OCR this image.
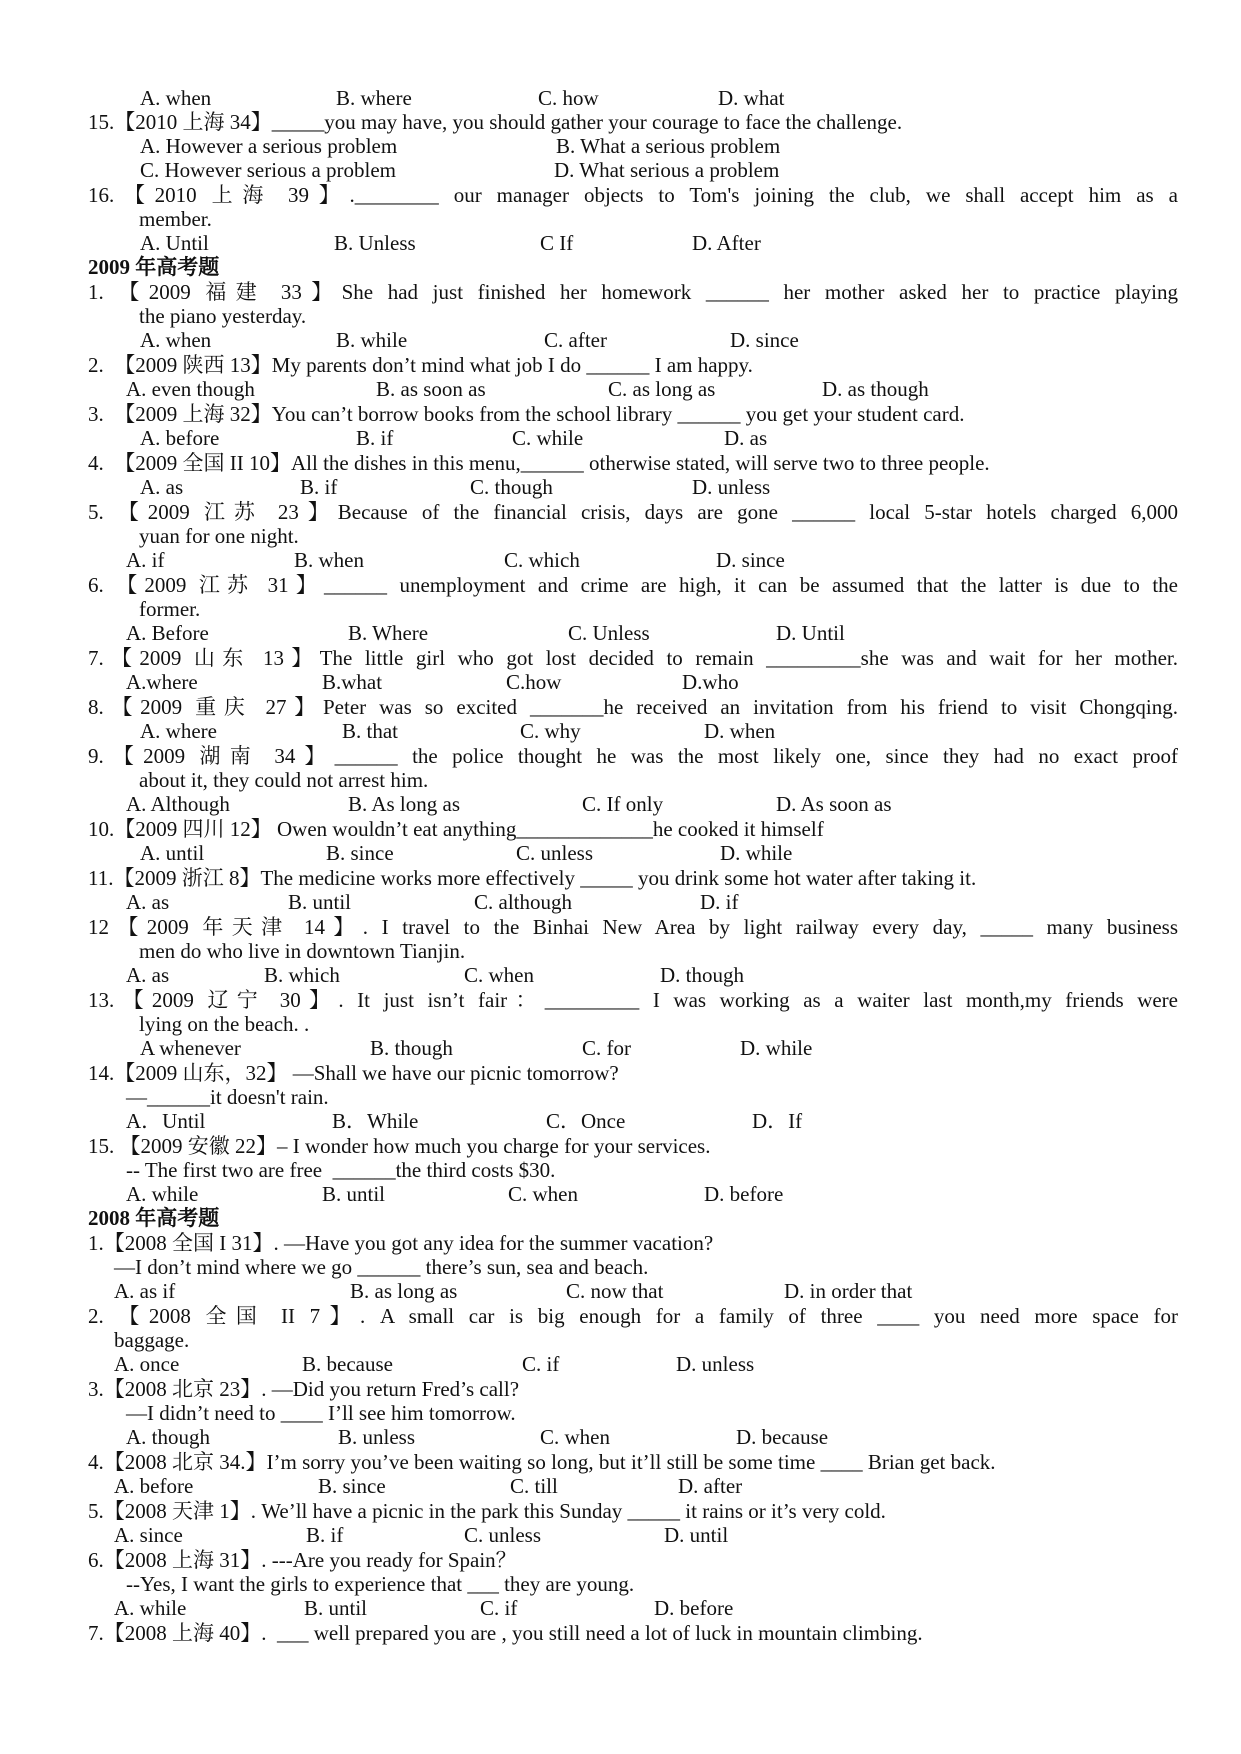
A. when	B. where	C. how	D. what
15.【2010 上海 34】_____you may have, you should gather your courage to face the challenge.
A. However a serious problem	B. What a serious problem
C. However serious a problem	D. What serious a problem
16.【2010 上海 39】.________ our manager objects to Tom's joining the club, we shall accept him as a
member.
A. Until	B. Unless	C If	D. After
2009 年高考题
1. 【2009 福建 33】She had just finished her homework ______ her mother asked her to practice playing
the piano yesterday.
A. when	B. while	C. after	D. since
2.  【2009 陕西 13】My parents don’t mind what job I do ______ I am happy.
A. even though	B. as soon as	C. as long as	D. as though
3.  【2009 上海 32】You can’t borrow books from the school library ______ you get your student card.
A. before	B. if	C. while	D. as
4.  【2009 全国 II 10】All the dishes in this menu,______ otherwise stated, will serve two to three people.
A. as	B. if	C. though	D. unless
5. 【2009 江苏 23】Because of the financial crisis, days are gone ______ local 5-star hotels charged 6,000
yuan for one night.
A. if	B. when	C. which	D. since
6. 【2009 江苏 31】______ unemployment and crime are high, it can be assumed that the latter is due to the
former.
A. Before	B. Where	C. Unless	D. Until
7.【2009 山东 13】The little girl who got lost decided to remain _________she was and wait for her mother.
A.where	B.what	C.how	D.who
8.【2009 重庆 27】Peter was so excited _______he received an invitation from his friend to visit Chongqing.
A. where	B. that	C. why	D. when
9.【2009 湖南 34】______ the police thought he was the most likely one, since they had no exact proof
about it, they could not arrest him.
A. Although	B. As long as	C. If only	D. As soon as
10.【2009 四川 12】 Owen wouldn’t eat anything_____________he cooked it himself
A. until	B. since	C. unless	D. while
11.【2009 浙江 8】The medicine works more effectively _____ you drink some hot water after taking it.
A. as	B. until	C. although	D. if
12【2009 年天津 14】. I travel to the Binhai New Area by light railway every day, _____ many business
men do who live in downtown Tianjin.
A. as	B. which	C. when	D. though
13.【2009 辽宁 30】. It just isn’t fair：_________ I was working as a waiter last month,my friends were
lying on the beach. .
A whenever	B. though	C. for	D. while
14.【2009 山东，32】 —Shall we have our picnic tomorrow?
—______it doesn't rain.
A．Until	B．While	C．Once	D．If
15. 【2009 安徽 22】– I wonder how much you charge for your services.
-- The first two are free  ______the third costs $30.
A. while	B. until	C. when	D. before
2008 年高考题
1.【2008 全国 I 31】. —Have you got any idea for the summer vacation?
—I don’t mind where we go ______ there’s sun, sea and beach.
A. as if	B. as long as	C. now that	D. in order that
2. 【2008 全国 II 7】. A small car is big enough for a family of three ____ you need more space for
baggage.
A. once	B. because	C. if	D. unless
3.【2008 北京 23】. —Did you return Fred’s call?
—I didn’t need to ____ I’ll see him tomorrow.
A. though	B. unless	C. when	D. because
4.【2008 北京 34.】I’m sorry you’ve been waiting so long, but it’ll still be some time ____ Brian get back.
A. before	B. since	C. till	D. after
5.【2008 天津 1】. We’ll have a picnic in the park this Sunday _____ it rains or it’s very cold.
A. since	B. if	C. unless	D. until
6.【2008 上海 31】. ---Are you ready for Spain？
--Yes, I want the girls to experience that ___ they are young.
A. while	B. until	C. if	D. before
7.【2008 上海 40】.  ___ well prepared you are , you still need a lot of luck in mountain climbing.
